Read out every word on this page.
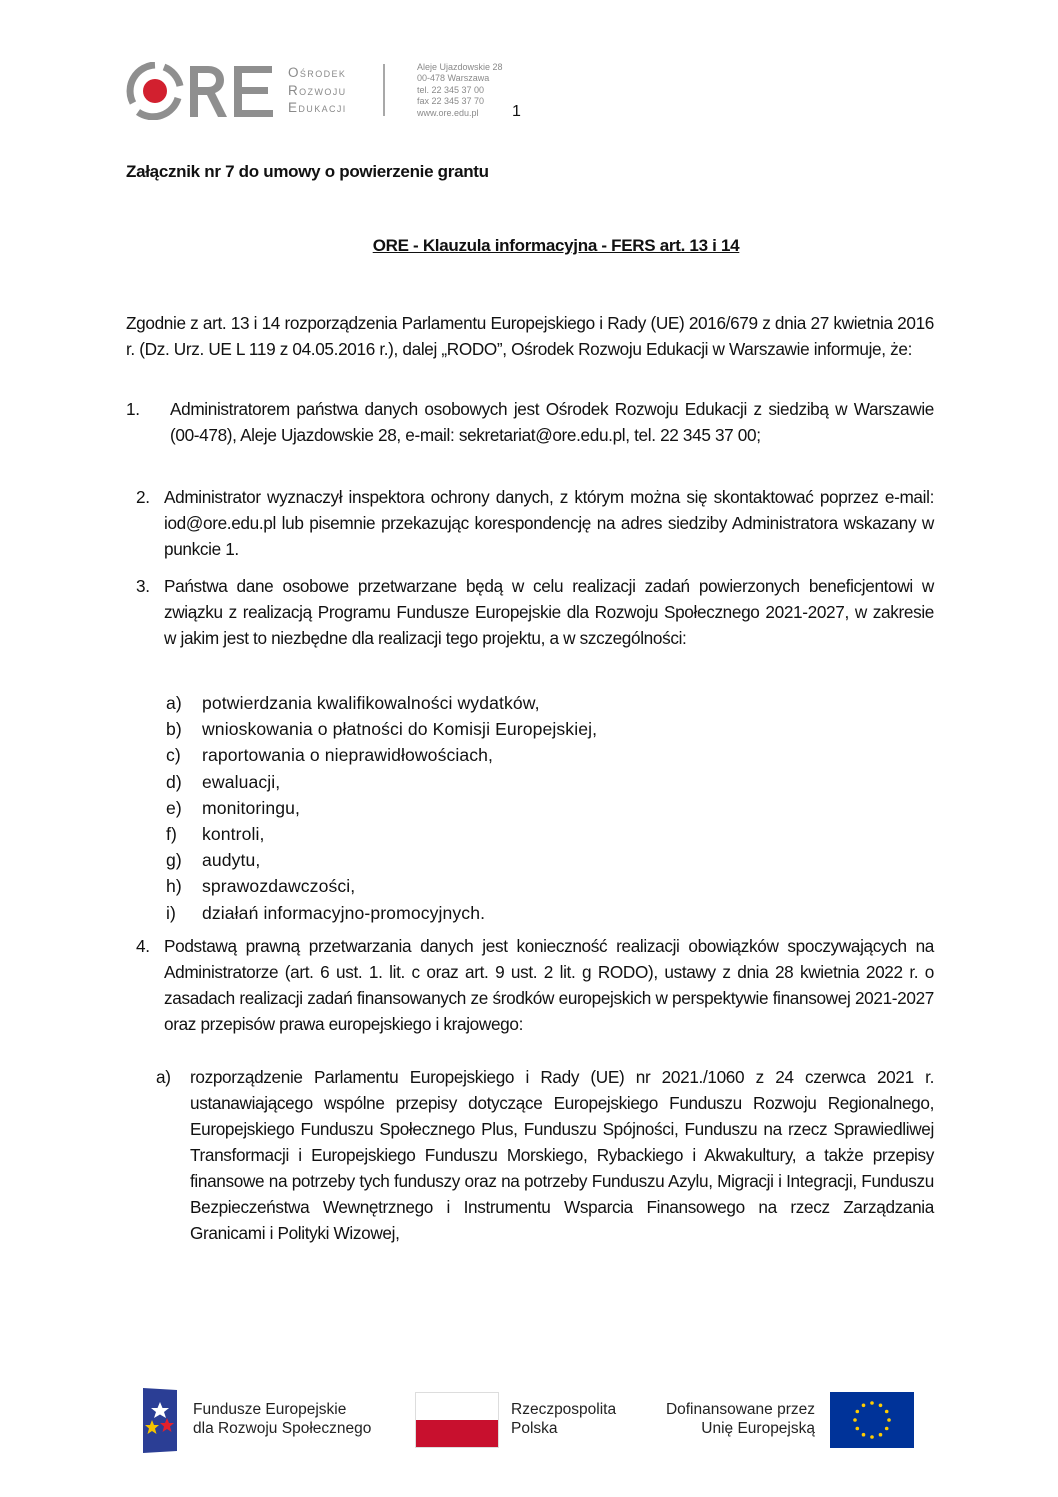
Ośrodek
Rozwoju
Edukacji
Aleje Ujazdowskie 28
00-478 Warszawa
tel. 22 345 37 00
fax 22 345 37 70
www.ore.edu.pl	1
Załącznik nr 7 do umowy o powierzenie grantu
ORE - Klauzula informacyjna - FERS art. 13 i 14
Zgodnie z art. 13 i 14 rozporządzenia Parlamentu Europejskiego i Rady (UE) 2016/679 z dnia 27 kwietnia 2016 r. (Dz. Urz. UE L 119 z 04.05.2016 r.), dalej „RODO”, Ośrodek Rozwoju Edukacji w Warszawie informuje, że:
1.	Administratorem państwa danych osobowych jest Ośrodek Rozwoju Edukacji z siedzibą w Warszawie (00-478), Aleje Ujazdowskie 28, e-mail: sekretariat@ore.edu.pl, tel. 22 345 37 00;
2. Administrator wyznaczył inspektora ochrony danych, z którym można się skontaktować poprzez e-mail: iod@ore.edu.pl lub pisemnie przekazując korespondencję na adres siedziby Administratora wskazany w punkcie 1.
3. Państwa dane osobowe przetwarzane będą w celu realizacji zadań powierzonych beneficjentowi w związku z realizacją Programu Fundusze Europejskie dla Rozwoju Społecznego 2021-2027, w zakresie w jakim jest to niezbędne dla realizacji tego projektu, a w szczególności:
a) potwierdzania kwalifikowalności wydatków,
b) wnioskowania o płatności do Komisji Europejskiej,
c) raportowania o nieprawidłowościach,
d) ewaluacji,
e) monitoringu,
f) kontroli,
g) audytu,
h) sprawozdawczości,
i) działań informacyjno-promocyjnych.
4. Podstawą prawną przetwarzania danych jest konieczność realizacji obowiązków spoczywających na Administratorze (art. 6 ust. 1. lit. c oraz art. 9 ust. 2 lit. g RODO), ustawy z dnia 28 kwietnia 2022 r. o zasadach realizacji zadań finansowanych ze środków europejskich w perspektywie finansowej 2021-2027 oraz przepisów prawa europejskiego i krajowego:
a)	rozporządzenie Parlamentu Europejskiego i Rady (UE) nr 2021./1060 z 24 czerwca 2021 r. ustanawiającego wspólne przepisy dotyczące Europejskiego Funduszu Rozwoju Regionalnego, Europejskiego Funduszu Społecznego Plus, Funduszu Spójności, Funduszu na rzecz Sprawiedliwej Transformacji i Europejskiego Funduszu Morskiego, Rybackiego i Akwakultury, a także przepisy finansowe na potrzeby tych funduszy oraz na potrzeby Funduszu Azylu, Migracji i Integracji, Funduszu Bezpieczeństwa Wewnętrznego i Instrumentu Wsparcia Finansowego na rzecz Zarządzania Granicami i Polityki Wizowej,
Fundusze Europejskie
dla Rozwoju Społecznego
Rzeczpospolita
Polska
Dofinansowane przez
Unię Europejską
